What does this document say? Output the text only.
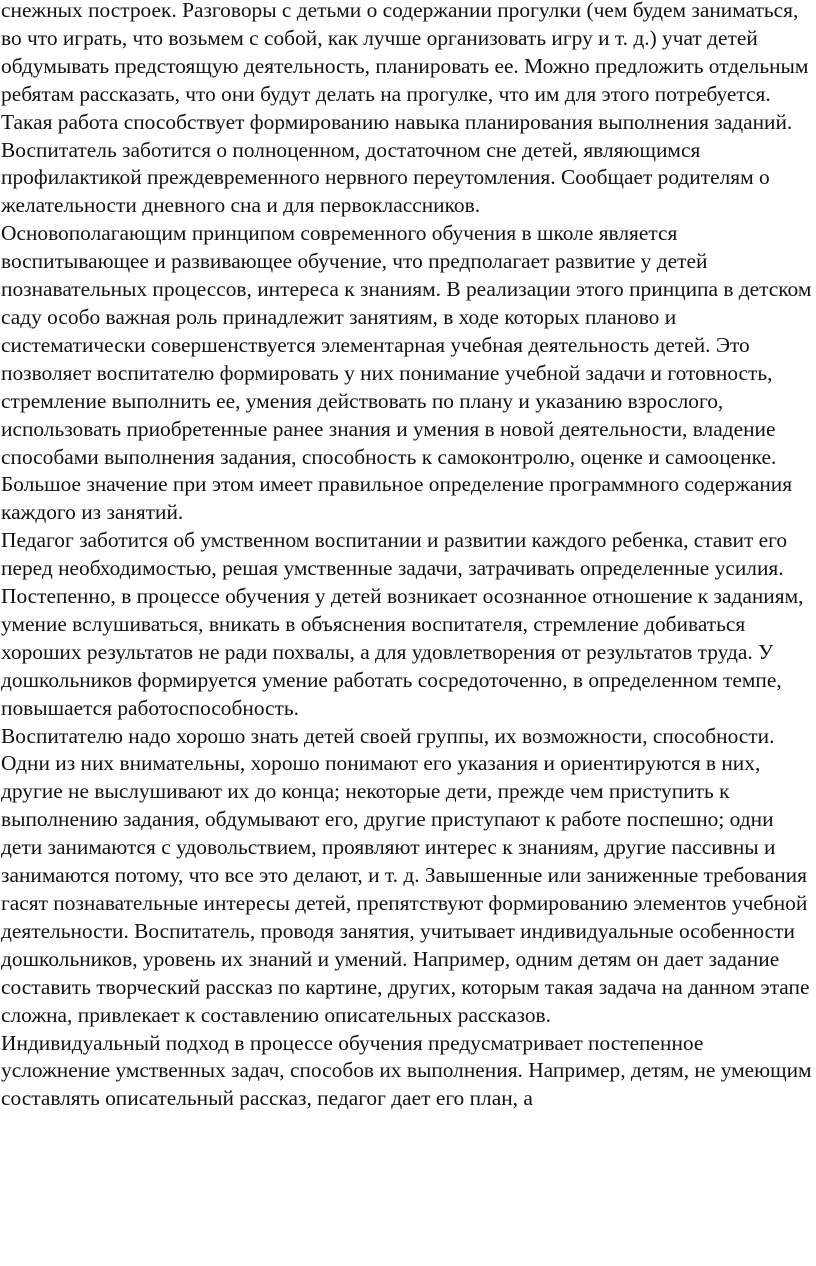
снежных построек. Разговоры с детьми о содержании прогулки (чем будем заниматься, во что играть, что возьмем с собой, как лучше организовать игру и т. д.) учат детей обдумывать предстоящую деятельность, планировать ее. Можно предложить отдельным ребятам рассказать, что они будут делать на прогулке, что им для этого потребуется. Такая работа способствует формированию навыка планирования выполнения заданий.

Воспитатель заботится о полноценном, достаточном сне детей, являющимся профилактикой преждевременного нервного переутомления. Сообщает родителям о желательности дневного сна и для первоклассников.

Основополагающим принципом современного обучения в школе является воспитывающее и развивающее обучение, что предполагает развитие у детей познавательных процессов, интереса к знаниям. В реализации этого принципа в детском саду особо важная роль принадлежит занятиям, в ходе которых планово и систематически совершенствуется элементарная учебная деятельность детей. Это позволяет воспитателю формировать у них понимание учебной задачи и готовность, стремление выполнить ее, умения действовать по плану и указанию взрослого, использовать приобретенные ранее знания и умения в новой деятельности, владение способами выполнения задания, способность к самоконтролю, оценке и самооценке. Большое значение при этом имеет правильное определение программного содержания каждого из занятий.

Педагог заботится об умственном воспитании и развитии каждого ребенка, ставит его перед необходимостью, решая умственные задачи, затрачивать определенные усилия. Постепенно, в процессе обучения у детей возникает осознанное отношение к заданиям, умение вслушиваться, вникать в объяснения воспитателя, стремление добиваться хороших результатов не ради похвалы, а для удовлетворения от результатов труда. У дошкольников формируется умение работать сосредоточенно, в определенном темпе, повышается работоспособность.

Воспитателю надо хорошо знать детей своей группы, их возможности, способности. Одни из них внимательны, хорошо понимают его указания и ориентируются в них, другие не выслушивают их до конца; некоторые дети, прежде чем приступить к выполнению задания, обдумывают его, другие приступают к работе поспешно; одни дети занимаются с удовольствием, проявляют интерес к знаниям, другие пассивны и занимаются потому, что все это делают, и т. д. Завышенные или заниженные требования гасят познавательные интересы детей, препятствуют формированию элементов учебной деятельности. Воспитатель, проводя занятия, учитывает индивидуальные особенности дошкольников, уровень их знаний и умений. Например, одним детям он дает задание составить творческий рассказ по картине, других, которым такая задача на данном этапе сложна, привлекает к составлению описательных рассказов.

Индивидуальный подход в процессе обучения предусматривает постепенное усложнение умственных задач, способов их выполнения. Например, детям, не умеющим составлять описательный рассказ, педагог дает его план, а
